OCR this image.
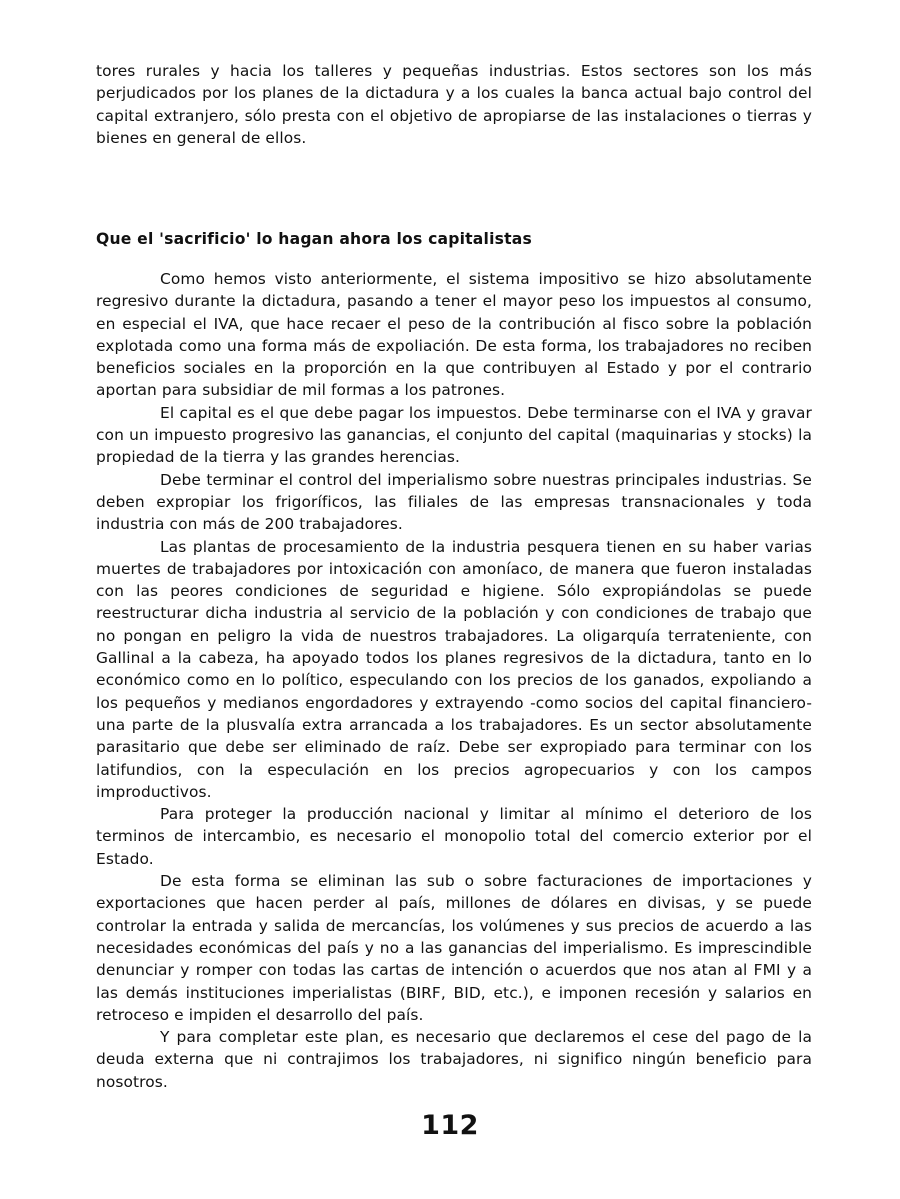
tores rurales y hacia los talleres y pequeñas industrias. Estos sectores son los más perjudicados por los planes de la dictadura y a los cuales la banca actual bajo control del capital extranjero, sólo presta con el objetivo de apropiarse de las instalaciones o tierras y bienes en general de ellos.

Que el 'sacrificio' lo hagan ahora los capitalistas

Como hemos visto anteriormente, el sistema impositivo se hizo absolutamente regresivo durante la dictadura, pasando a tener el mayor peso los impuestos al consumo, en especial el IVA, que hace recaer el peso de la contribución al fisco sobre la población explotada como una forma más de expoliación. De esta forma, los trabajadores no reciben beneficios sociales en la proporción en la que contribuyen al Estado y por el contrario aportan para subsidiar de mil formas a los patrones.

El capital es el que debe pagar los impuestos. Debe terminarse con el IVA y gravar con un impuesto progresivo las ganancias, el conjunto del capital (maquinarias y stocks) la propiedad de la tierra y las grandes herencias.

Debe terminar el control del imperialismo sobre nuestras principales industrias. Se deben expropiar los frigoríficos, las filiales de las empresas transnacionales y toda industria con más de 200 trabajadores.

Las plantas de procesamiento de la industria pesquera tienen en su haber varias muertes de trabajadores por intoxicación con amoníaco, de manera que fueron instaladas con las peores condiciones de seguridad e higiene. Sólo expropiándolas se puede reestructurar dicha industria al servicio de la población y con condiciones de trabajo que no pongan en peligro la vida de nuestros trabajadores. La oligarquía terrateniente, con Gallinal a la cabeza, ha apoyado todos los planes regresivos de la dictadura, tanto en lo económico como en lo político, especulando con los precios de los ganados, expoliando a los pequeños y medianos engordadores y extrayendo -como socios del capital financiero- una parte de la plusvalía extra arrancada a los trabajadores. Es un sector absolutamente parasitario que debe ser eliminado de raíz. Debe ser expropiado para terminar con los latifundios, con la especulación en los precios agropecuarios y con los campos improductivos.

Para proteger la producción nacional y limitar al mínimo el deterioro de los terminos de intercambio, es necesario el monopolio total del comercio exterior por el Estado.

De esta forma se eliminan las sub o sobre facturaciones de importaciones y exportaciones que hacen perder al país, millones de dólares en divisas, y se puede controlar la entrada y salida de mercancías, los volúmenes y sus precios de acuerdo a las necesidades económicas del país y no a las ganancias del imperialismo. Es imprescindible denunciar y romper con todas las cartas de intención o acuerdos que nos atan al FMI y a las demás instituciones imperialistas (BIRF, BID, etc.), e imponen recesión y salarios en retroceso e impiden el desarrollo del país.

Y para completar este plan, es necesario que declaremos el cese del pago de la deuda externa que ni contrajimos los trabajadores, ni significo ningún beneficio para nosotros.

112
